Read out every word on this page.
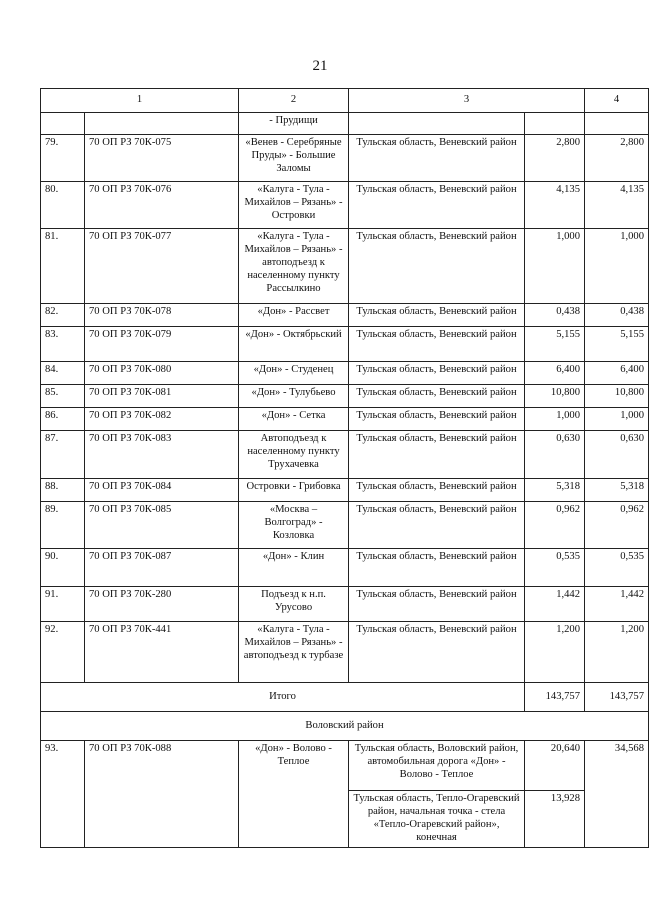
21
1		2	3		4
		- Прудищи			
79.	70 ОП РЗ 70К-075	«Венев - Серебряные Пруды» - Большие Заломы	Тульская область, Веневский район	2,800	2,800
80.	70 ОП РЗ 70К-076	«Калуга - Тула - Михайлов – Рязань» - Островки	Тульская область, Веневский район	4,135	4,135
81.	70 ОП РЗ 70К-077	«Калуга - Тула - Михайлов – Рязань» - автоподъезд к населенному пункту Рассылкино	Тульская область, Веневский район	1,000	1,000
82.	70 ОП РЗ 70К-078	«Дон» - Рассвет	Тульская область, Веневский район	0,438	0,438
83.	70 ОП РЗ 70К-079	«Дон» - Октябрьский	Тульская область, Веневский район	5,155	5,155
84.	70 ОП РЗ 70К-080	«Дон» - Студенец	Тульская область, Веневский район	6,400	6,400
85.	70 ОП РЗ 70К-081	«Дон» - Тулубьево	Тульская область, Веневский район	10,800	10,800
86.	70 ОП РЗ 70К-082	«Дон» - Сетка	Тульская область, Веневский район	1,000	1,000
87.	70 ОП РЗ 70К-083	Автоподъезд к населенному пункту Трухачевка	Тульская область, Веневский район	0,630	0,630
88.	70 ОП РЗ 70К-084	Островки - Грибовка	Тульская область, Веневский район	5,318	5,318
89.	70 ОП РЗ 70К-085	«Москва – Волгоград» - Козловка	Тульская область, Веневский район	0,962	0,962
90.	70 ОП РЗ 70К-087	«Дон» - Клин	Тульская область, Веневский район	0,535	0,535
91.	70 ОП РЗ 70К-280	Подъезд к н.п. Урусово	Тульская область, Веневский район	1,442	1,442
92.	70 ОП РЗ 70К-441	«Калуга - Тула - Михайлов – Рязань» - автоподъезд к турбазе	Тульская область, Веневский район	1,200	1,200
Итого				143,757	143,757
Воловский район					
93.	70 ОП РЗ 70К-088	«Дон» - Волово - Теплое	Тульская область, Воловский район, автомобильная дорога «Дон» - Волово - Теплое	20,640	34,568
			Тульская область, Тепло-Огаревский район, начальная точка - стела «Тепло-Огаревский район», конечная	13,928	
